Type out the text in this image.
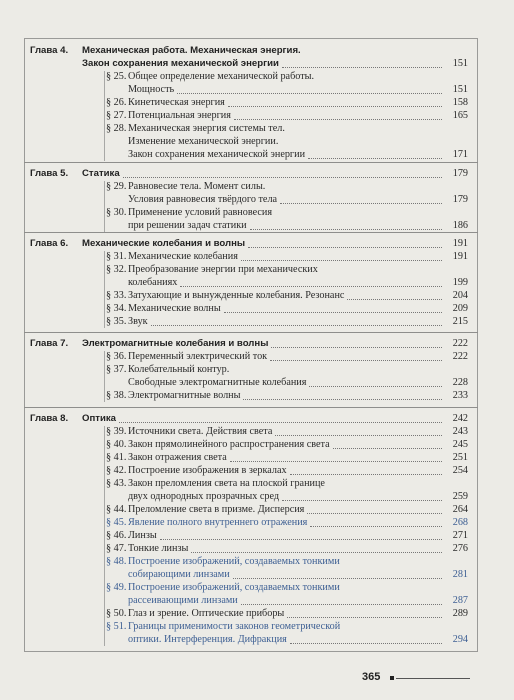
Глава 4. Механическая работа. Механическая энергия.
Закон сохранения механической энергии	151
§ 25. Общее определение механической работы.
Мощность	151
§ 26. Кинетическая энергия	158
§ 27. Потенциальная энергия	165
§ 28. Механическая энергия системы тел.
Изменение механической энергии.
Закон сохранения механической энергии	171
Глава 5. Статика	179
§ 29. Равновесие тела. Момент силы.
Условия равновесия твёрдого тела	179
§ 30. Применение условий равновесия
при решении задач статики	186
Глава 6. Механические колебания и волны	191
§ 31. Механические колебания	191
§ 32. Преобразование энергии при механических
колебаниях	199
§ 33. Затухающие и вынужденные колебания. Резонанс	204
§ 34. Механические волны	209
§ 35. Звук	215
Глава 7. Электромагнитные колебания и волны	222
§ 36. Переменный электрический ток	222
§ 37. Колебательный контур.
Свободные электромагнитные колебания	228
§ 38. Электромагнитные волны	233
Глава 8. Оптика	242
§ 39. Источники света. Действия света	243
§ 40. Закон прямолинейного распространения света	245
§ 41. Закон отражения света	251
§ 42. Построение изображения в зеркалах	254
§ 43. Закон преломления света на плоской границе
двух однородных прозрачных сред	259
§ 44. Преломление света в призме. Дисперсия	264
§ 45. Явление полного внутреннего отражения	268
§ 46. Линзы	271
§ 47. Тонкие линзы	276
§ 48. Построение изображений, создаваемых тонкими
собирающими линзами	281
§ 49. Построение изображений, создаваемых тонкими
рассеивающими линзами	287
§ 50. Глаз и зрение. Оптические приборы	289
§ 51. Границы применимости законов геометрической
оптики. Интерференция. Дифракция	294
365
